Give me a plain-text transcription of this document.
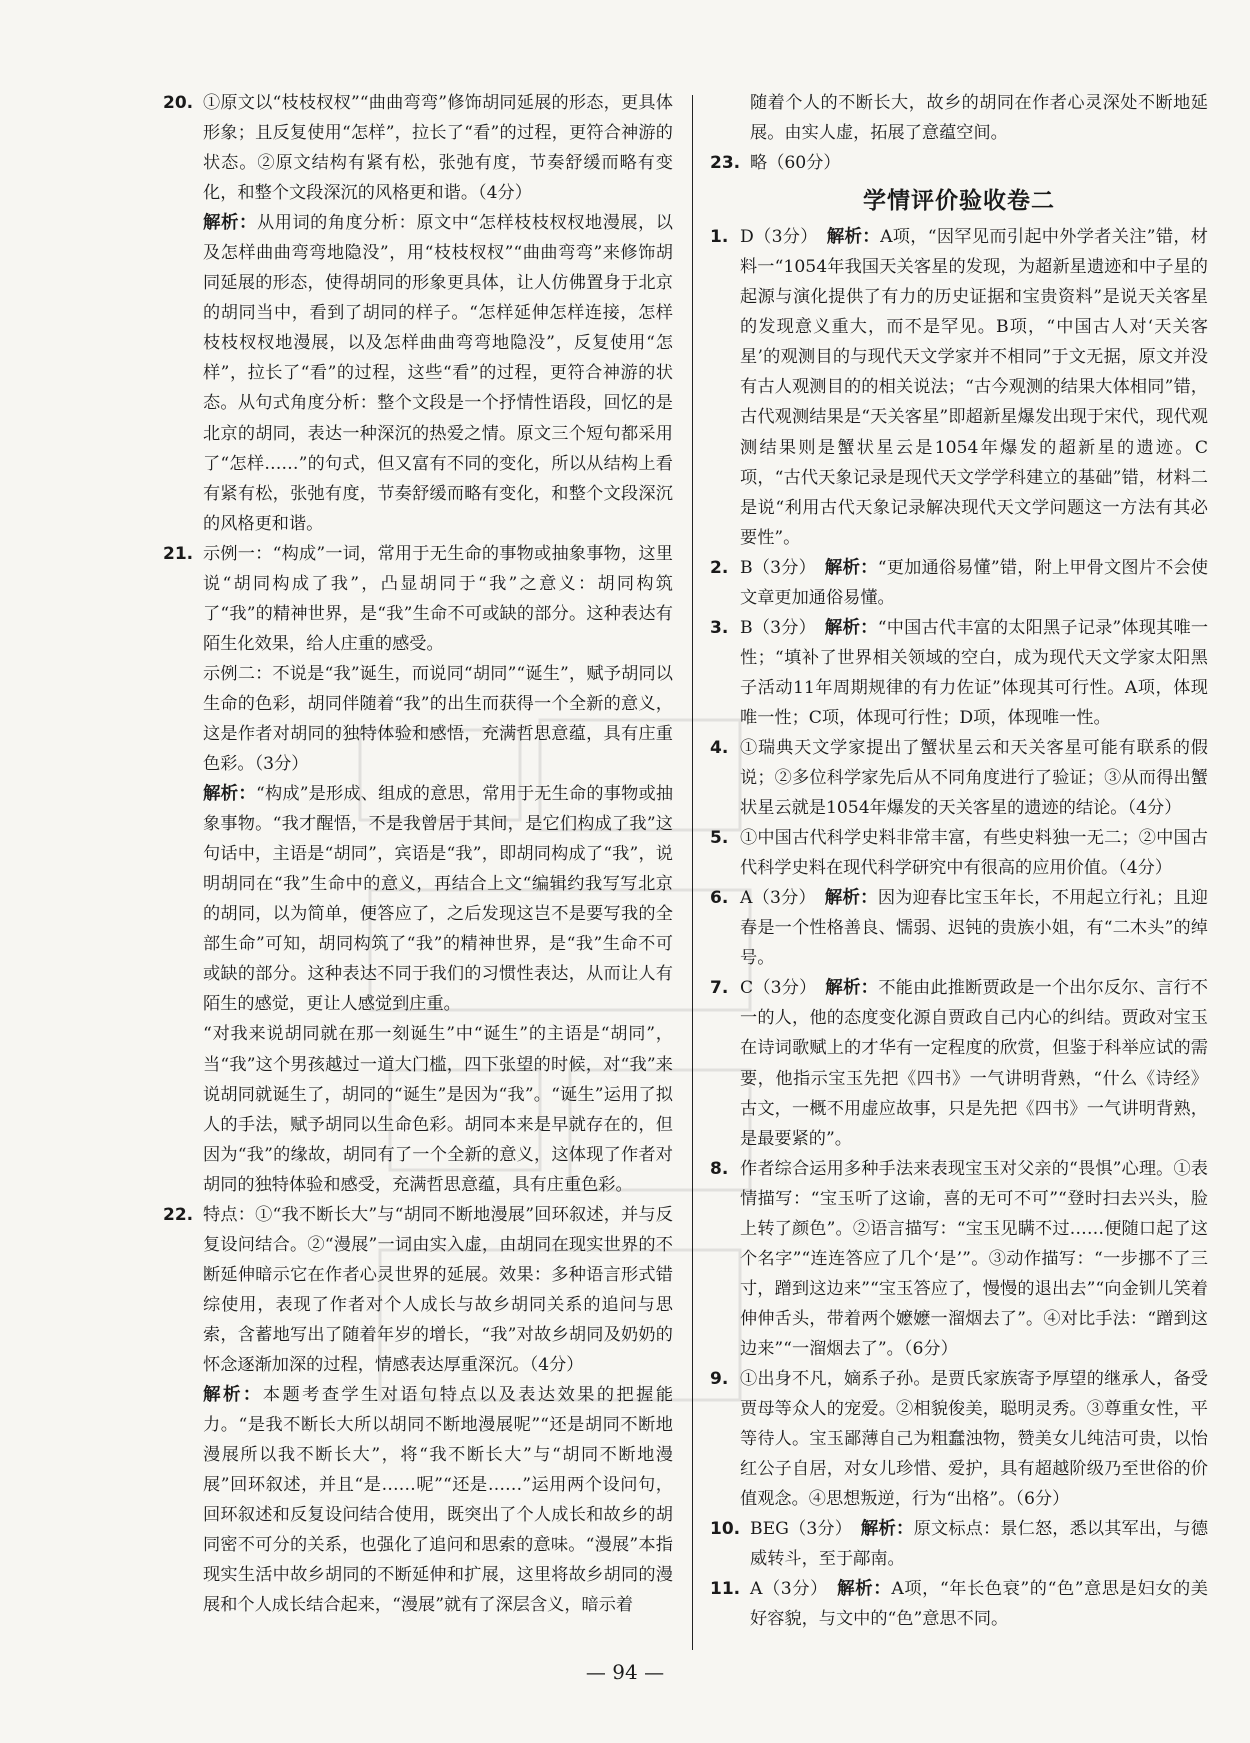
20. ①原文以“枝枝杈杈”“曲曲弯弯”修饰胡同延展的形态，更具体形象；且反复使用“怎样”，拉长了“看”的过程，更符合神游的状态。②原文结构有紧有松，张弛有度，节奏舒缓而略有变化，和整个文段深沉的风格更和谐。（4分）

解析：从用词的角度分析：原文中“怎样枝枝杈杈地漫展，以及怎样曲曲弯弯地隐没”，用“枝枝杈杈”“曲曲弯弯”来修饰胡同延展的形态，使得胡同的形象更具体，让人仿佛置身于北京的胡同当中，看到了胡同的样子。“怎样延伸怎样连接，怎样枝枝杈杈地漫展，以及怎样曲曲弯弯地隐没”，反复使用“怎样”，拉长了“看”的过程，这些“看”的过程，更符合神游的状态。从句式角度分析：整个文段是一个抒情性语段，回忆的是北京的胡同，表达一种深沉的热爱之情。原文三个短句都采用了“怎样……”的句式，但又富有不同的变化，所以从结构上看有紧有松，张弛有度，节奏舒缓而略有变化，和整个文段深沉的风格更和谐。

21. 示例一：“构成”一词，常用于无生命的事物或抽象事物，这里说“胡同构成了我”，凸显胡同于“我”之意义：胡同构筑了“我”的精神世界，是“我”生命不可或缺的部分。这种表达有陌生化效果，给人庄重的感受。

示例二：不说是“我”诞生，而说同“胡同”“诞生”，赋予胡同以生命的色彩，胡同伴随着“我”的出生而获得一个全新的意义，这是作者对胡同的独特体验和感悟，充满哲思意蕴，具有庄重色彩。（3分）

解析：“构成”是形成、组成的意思，常用于无生命的事物或抽象事物。“我才醒悟，不是我曾居于其间，是它们构成了我”这句话中，主语是“胡同”，宾语是“我”，即胡同构成了“我”，说明胡同在“我”生命中的意义，再结合上文“编辑约我写写北京的胡同，以为简单，便答应了，之后发现这岂不是要写我的全部生命”可知，胡同构筑了“我”的精神世界，是“我”生命不可或缺的部分。这种表达不同于我们的习惯性表达，从而让人有陌生的感觉，更让人感觉到庄重。

“对我来说胡同就在那一刻诞生”中“诞生”的主语是“胡同”，当“我”这个男孩越过一道大门槛，四下张望的时候，对“我”来说胡同就诞生了，胡同的“诞生”是因为“我”。“诞生”运用了拟人的手法，赋予胡同以生命色彩。胡同本来是早就存在的，但因为“我”的缘故，胡同有了一个全新的意义，这体现了作者对胡同的独特体验和感受，充满哲思意蕴，具有庄重色彩。

22. 特点：①“我不断长大”与“胡同不断地漫展”回环叙述，并与反复设问结合。②“漫展”一词由实入虚，由胡同在现实世界的不断延伸暗示它在作者心灵世界的延展。效果：多种语言形式错综使用，表现了作者对个人成长与故乡胡同关系的追问与思索，含蓄地写出了随着年岁的增长，“我”对故乡胡同及奶奶的怀念逐渐加深的过程，情感表达厚重深沉。（4分）

解析：本题考查学生对语句特点以及表达效果的把握能力。“是我不断长大所以胡同不断地漫展呢”“还是胡同不断地漫展所以我不断长大”，将“我不断长大”与“胡同不断地漫展”回环叙述，并且“是……呢”“还是……”运用两个设问句，回环叙述和反复设问结合使用，既突出了个人成长和故乡的胡同密不可分的关系，也强化了追问和思索的意味。“漫展”本指现实生活中故乡胡同的不断延伸和扩展，这里将故乡胡同的漫展和个人成长结合起来，“漫展”就有了深层含义，暗示着

随着个人的不断长大，故乡的胡同在作者心灵深处不断地延展。由实人虚，拓展了意蕴空间。

23. 略（60分）
学情评价验收卷二
1. D（3分）　解析：A项，“因罕见而引起中外学者关注”错，材料一“1054年我国天关客星的发现，为超新星遗迹和中子星的起源与演化提供了有力的历史证据和宝贵资料”是说天关客星的发现意义重大，而不是罕见。B项，“中国古人对‘天关客星’的观测目的与现代天文学家并不相同”于文无据，原文并没有古人观测目的的相关说法；“古今观测的结果大体相同”错，古代观测结果是“天关客星”即超新星爆发出现于宋代，现代观测结果则是蟹状星云是1054年爆发的超新星的遗迹。C项，“古代天象记录是现代天文学学科建立的基础”错，材料二是说“利用古代天象记录解决现代天文学问题这一方法有其必要性”。

2. B（3分）　解析：“更加通俗易懂”错，附上甲骨文图片不会使文章更加通俗易懂。

3. B（3分）　解析：“中国古代丰富的太阳黑子记录”体现其唯一性；“填补了世界相关领域的空白，成为现代天文学家太阳黑子活动11年周期规律的有力佐证”体现其可行性。A项，体现唯一性；C项，体现可行性；D项，体现唯一性。

4. ①瑞典天文学家提出了蟹状星云和天关客星可能有联系的假说；②多位科学家先后从不同角度进行了验证；③从而得出蟹状星云就是1054年爆发的天关客星的遗迹的结论。（4分）

5. ①中国古代科学史料非常丰富，有些史料独一无二；②中国古代科学史料在现代科学研究中有很高的应用价值。（4分）

6. A（3分）　解析：因为迎春比宝玉年长，不用起立行礼；且迎春是一个性格善良、懦弱、迟钝的贵族小姐，有“二木头”的绰号。

7. C（3分）　解析：不能由此推断贾政是一个出尔反尔、言行不一的人，他的态度变化源自贾政自己内心的纠结。贾政对宝玉在诗词歌赋上的才华有一定程度的欣赏，但鉴于科举应试的需要，他指示宝玉先把《四书》一气讲明背熟，“什么《诗经》古文，一概不用虚应故事，只是先把《四书》一气讲明背熟，是最要紧的”。

8. 作者综合运用多种手法来表现宝玉对父亲的“畏惧”心理。①表情描写：“宝玉听了这谕，喜的无可不可”“登时扫去兴头，脸上转了颜色”。②语言描写：“宝玉见瞒不过……便随口起了这个名字”“连连答应了几个‘是’”。③动作描写：“一步挪不了三寸，蹭到这边来”“宝玉答应了，慢慢的退出去”“向金钏儿笑着伸伸舌头，带着两个嬷嬷一溜烟去了”。④对比手法：“蹭到这边来”“一溜烟去了”。（6分）

9. ①出身不凡，嫡系子孙。是贾氏家族寄予厚望的继承人，备受贾母等众人的宠爱。②相貌俊美，聪明灵秀。③尊重女性，平等待人。宝玉鄙薄自己为粗蠢浊物，赞美女儿纯洁可贵，以怡红公子自居，对女儿珍惜、爱护，具有超越阶级乃至世俗的价值观念。④思想叛逆，行为“出格”。（6分）

10. BEG（3分）　解析：原文标点：景仁怒，悉以其军出，与德威转斗，至于鄗南。

11. A（3分）　解析：A项，“年长色衰”的“色”意思是妇女的美好容貌，与文中的“色”意思不同。

— 94 —
